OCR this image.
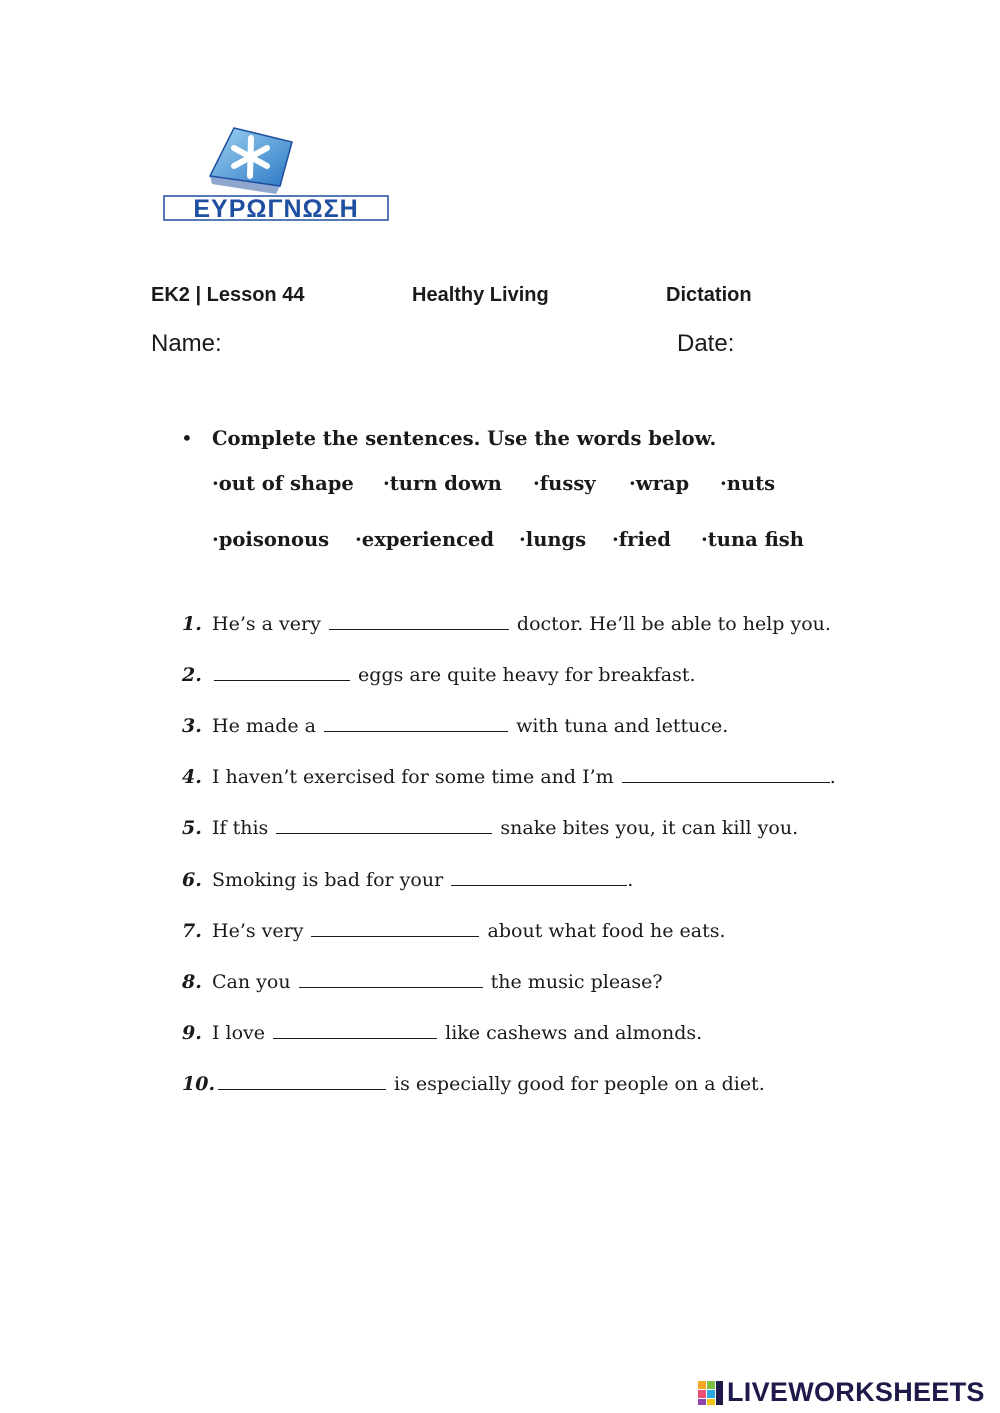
ΕΥΡΩΓΝΩΣΗ
EK2 | Lesson 44	Healthy Living	Dictation
Name:	Date:
• Complete the sentences. Use the words below.
·out of shape ·turn down ·fussy ·wrap ·nuts
·poisonous ·experienced ·lungs ·fried ·tuna fish
1. He’s a very	doctor. He’ll be able to help you.
2.	eggs are quite heavy for breakfast.
3. He made a	with tuna and lettuce.
4. I haven’t exercised for some time and I’m	.
5. If this	snake bites you, it can kill you.
6. Smoking is bad for your	.
7. He’s very	about what food he eats.
8. Can you	the music please?
9. I love	like cashews and almonds.
10.	is especially good for people on a diet.
LIVEWORKSHEETS
